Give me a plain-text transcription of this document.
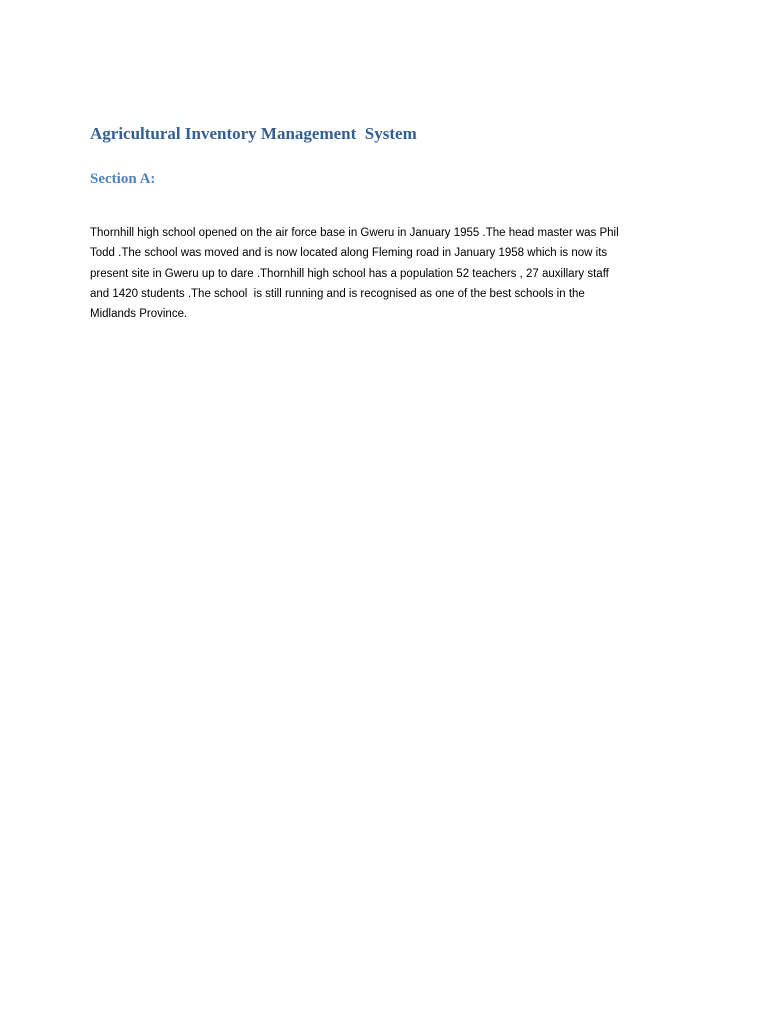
Agricultural Inventory Management  System
Section A:
Thornhill high school opened on the air force base in Gweru in January 1955 .The head master was Phil
Todd .The school was moved and is now located along Fleming road in January 1958 which is now its
present site in Gweru up to dare .Thornhill high school has a population 52 teachers , 27 auxillary staff
and 1420 students .The school  is still running and is recognised as one of the best schools in the
Midlands Province.
